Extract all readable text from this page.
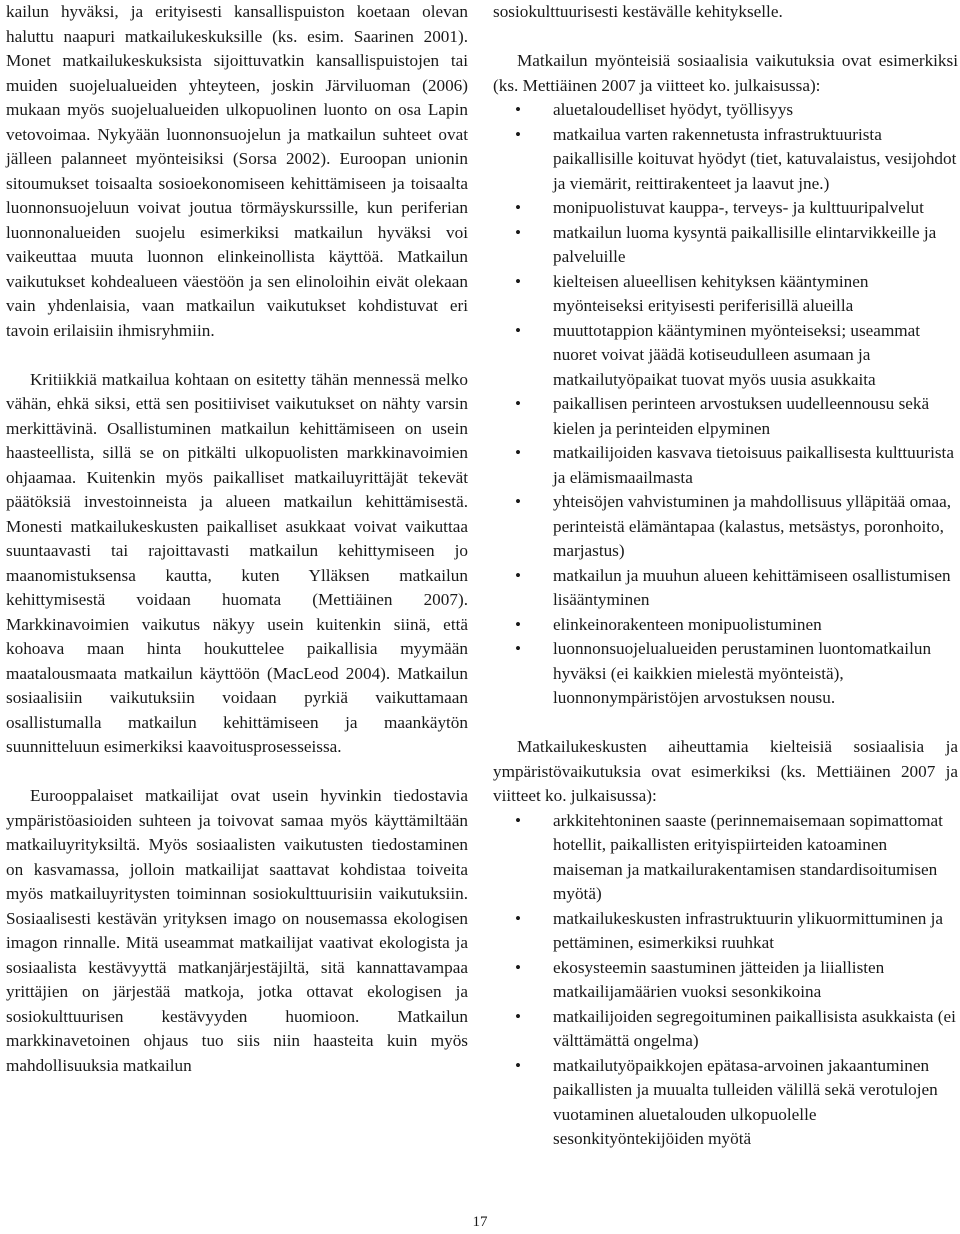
kailun hyväksi, ja erityisesti kansallispuiston koetaan olevan haluttu naapuri matkailukeskuksille (ks. esim. Saarinen 2001). Monet matkailukeskuksista sijoittuvatkin kansallispuistojen tai muiden suojelualueiden yhteyteen, joskin Järviluoman (2006) mukaan myös suojelualueiden ulkopuolinen luonto on osa Lapin vetovoimaa. Nykyään luonnonsuojelun ja matkailun suhteet ovat jälleen palanneet myönteisiksi (Sorsa 2002). Euroopan unionin sitoumukset toisaalta sosioekonomiseen kehittämiseen ja toisaalta luonnonsuojeluun voivat joutua törmäyskurssille, kun periferian luonnonalueiden suojelu esimerkiksi matkailun hyväksi voi vaikeuttaa muuta luonnon elinkeinollista käyttöä. Matkailun vaikutukset kohdealueen väestöön ja sen elinoloihin eivät olekaan vain yhdenlaisia, vaan matkailun vaikutukset kohdistuvat eri tavoin erilaisiin ihmisryhmiin.

Kritiikkiä matkailua kohtaan on esitetty tähän mennessä melko vähän, ehkä siksi, että sen positiiviset vaikutukset on nähty varsin merkittävinä. Osallistuminen matkailun kehittämiseen on usein haasteellista, sillä se on pitkälti ulkopuolisten markkinavoimien ohjaamaa. Kuitenkin myös paikalliset matkailuyrittäjät tekevät päätöksiä investoinneista ja alueen matkailun kehittämisestä. Monesti matkailukeskusten paikalliset asukkaat voivat vaikuttaa suuntaavasti tai rajoittavasti matkailun kehittymiseen jo maanomistuksensa kautta, kuten Ylläksen matkailun kehittymisestä voidaan huomata (Mettiäinen 2007). Markkinavoimien vaikutus näkyy usein kuitenkin siinä, että kohoava maan hinta houkuttelee paikallisia myymään maatalousmaata matkailun käyttöön (MacLeod 2004). Matkailun sosiaalisiin vaikutuksiin voidaan pyrkiä vaikuttamaan osallistumalla matkailun kehittämiseen ja maankäytön suunnitteluun esimerkiksi kaavoitusprosesseissa.

Eurooppalaiset matkailijat ovat usein hyvinkin tiedostavia ympäristöasioiden suhteen ja toivovat samaa myös käyttämiltään matkailuyrityksiltä. Myös sosiaalisten vaikutusten tiedostaminen on kasvamassa, jolloin matkailijat saattavat kohdistaa toiveita myös matkailuyritysten toiminnan sosiokulttuurisiin vaikutuksiin. Sosiaalisesti kestävän yrityksen imago on nousemassa ekologisen imagon rinnalle. Mitä useammat matkailijat vaativat ekologista ja sosiaalista kestävyyttä matkanjärjestäjiltä, sitä kannattavampaa yrittäjien on järjestää matkoja, jotka ottavat ekologisen ja sosiokulttuurisen kestävyyden huomioon. Matkailun markkinavetoinen ohjaus tuo siis niin haasteita kuin myös mahdollisuuksia matkailun

sosiokulttuurisesti kestävälle kehitykselle.

Matkailun myönteisiä sosiaalisia vaikutuksia ovat esimerkiksi (ks. Mettiäinen 2007 ja viitteet ko. julkaisussa):

• aluetaloudelliset hyödyt, työllisyys
• matkailua varten rakennetusta infrastruktuurista paikallisille koituvat hyödyt (tiet, katuvalaistus, vesijohdot ja viemärit, reittirakenteet ja laavut jne.)
• monipuolistuvat kauppa-, terveys- ja kulttuuripalvelut
• matkailun luoma kysyntä paikallisille elintarvikkeille ja palveluille
• kielteisen alueellisen kehityksen kääntyminen myönteiseksi erityisesti periferisillä alueilla
• muuttotappion kääntyminen myönteiseksi; useammat nuoret voivat jäädä kotiseudulleen asumaan ja matkailutyöpaikat tuovat myös uusia asukkaita
• paikallisen perinteen arvostuksen uudelleennousu sekä kielen ja perinteiden elpyminen
• matkailijoiden kasvava tietoisuus paikallisesta kulttuurista ja elämismaailmasta
• yhteisöjen vahvistuminen ja mahdollisuus ylläpitää omaa, perinteistä elämäntapaa (kalastus, metsästys, poronhoito, marjastus)
• matkailun ja muuhun alueen kehittämiseen osallistumisen lisääntyminen
• elinkeinorakenteen monipuolistuminen
• luonnonsuojelualueiden perustaminen luontomatkailun hyväksi (ei kaikkien mielestä myönteistä), luonnonympäristöjen arvostuksen nousu.

Matkailukeskusten aiheuttamia kielteisiä sosiaalisia ja ympäristövaikutuksia ovat esimerkiksi (ks. Mettiäinen 2007 ja viitteet ko. julkaisussa):

• arkkitehtoninen saaste (perinnemaisemaan sopimattomat hotellit, paikallisten erityispiirteiden katoaminen maiseman ja matkailurakentamisen standardisoitumisen myötä)
• matkailukeskusten infrastruktuurin ylikuormittuminen ja pettäminen, esimerkiksi ruuhkat
• ekosysteemin saastuminen jätteiden ja liiallisten matkailijamäärien vuoksi sesonkikoina
• matkailijoiden segregoituminen paikallisista asukkaista (ei välttämättä ongelma)
• matkailutyöpaikkojen epätasa-arvoinen jakaantuminen paikallisten ja muualta tulleiden välillä sekä verotulojen vuotaminen aluetalouden ulkopuolelle sesonkityöntekijöiden myötä
17
